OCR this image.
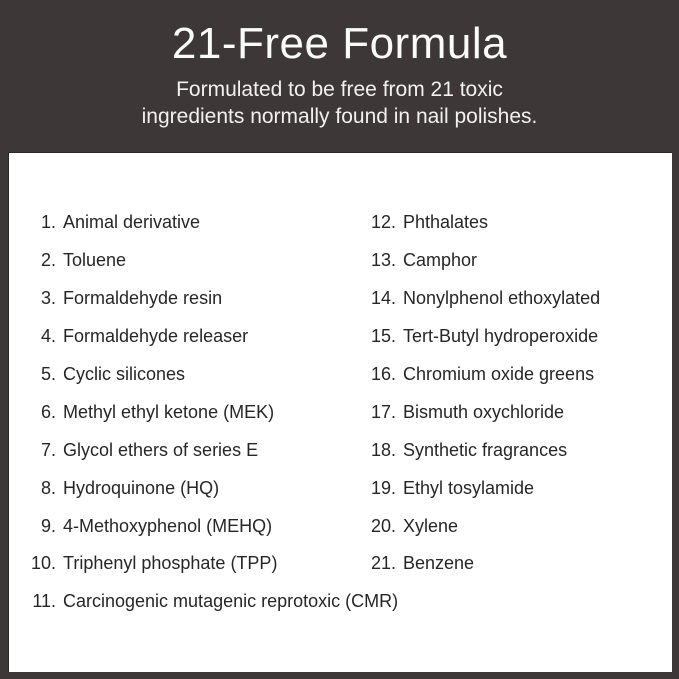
21-Free Formula
Formulated to be free from 21 toxic
ingredients normally found in nail polishes.
1. Animal derivative
2. Toluene
3. Formaldehyde resin
4. Formaldehyde releaser
5. Cyclic silicones
6. Methyl ethyl ketone (MEK)
7. Glycol ethers of series E
8. Hydroquinone (HQ)
9. 4-Methoxyphenol (MEHQ)
10. Triphenyl phosphate (TPP)
11. Carcinogenic mutagenic reprotoxic (CMR)
12. Phthalates
13. Camphor
14. Nonylphenol ethoxylated
15. Tert-Butyl hydroperoxide
16. Chromium oxide greens
17. Bismuth oxychloride
18. Synthetic fragrances
19. Ethyl tosylamide
20. Xylene
21. Benzene
